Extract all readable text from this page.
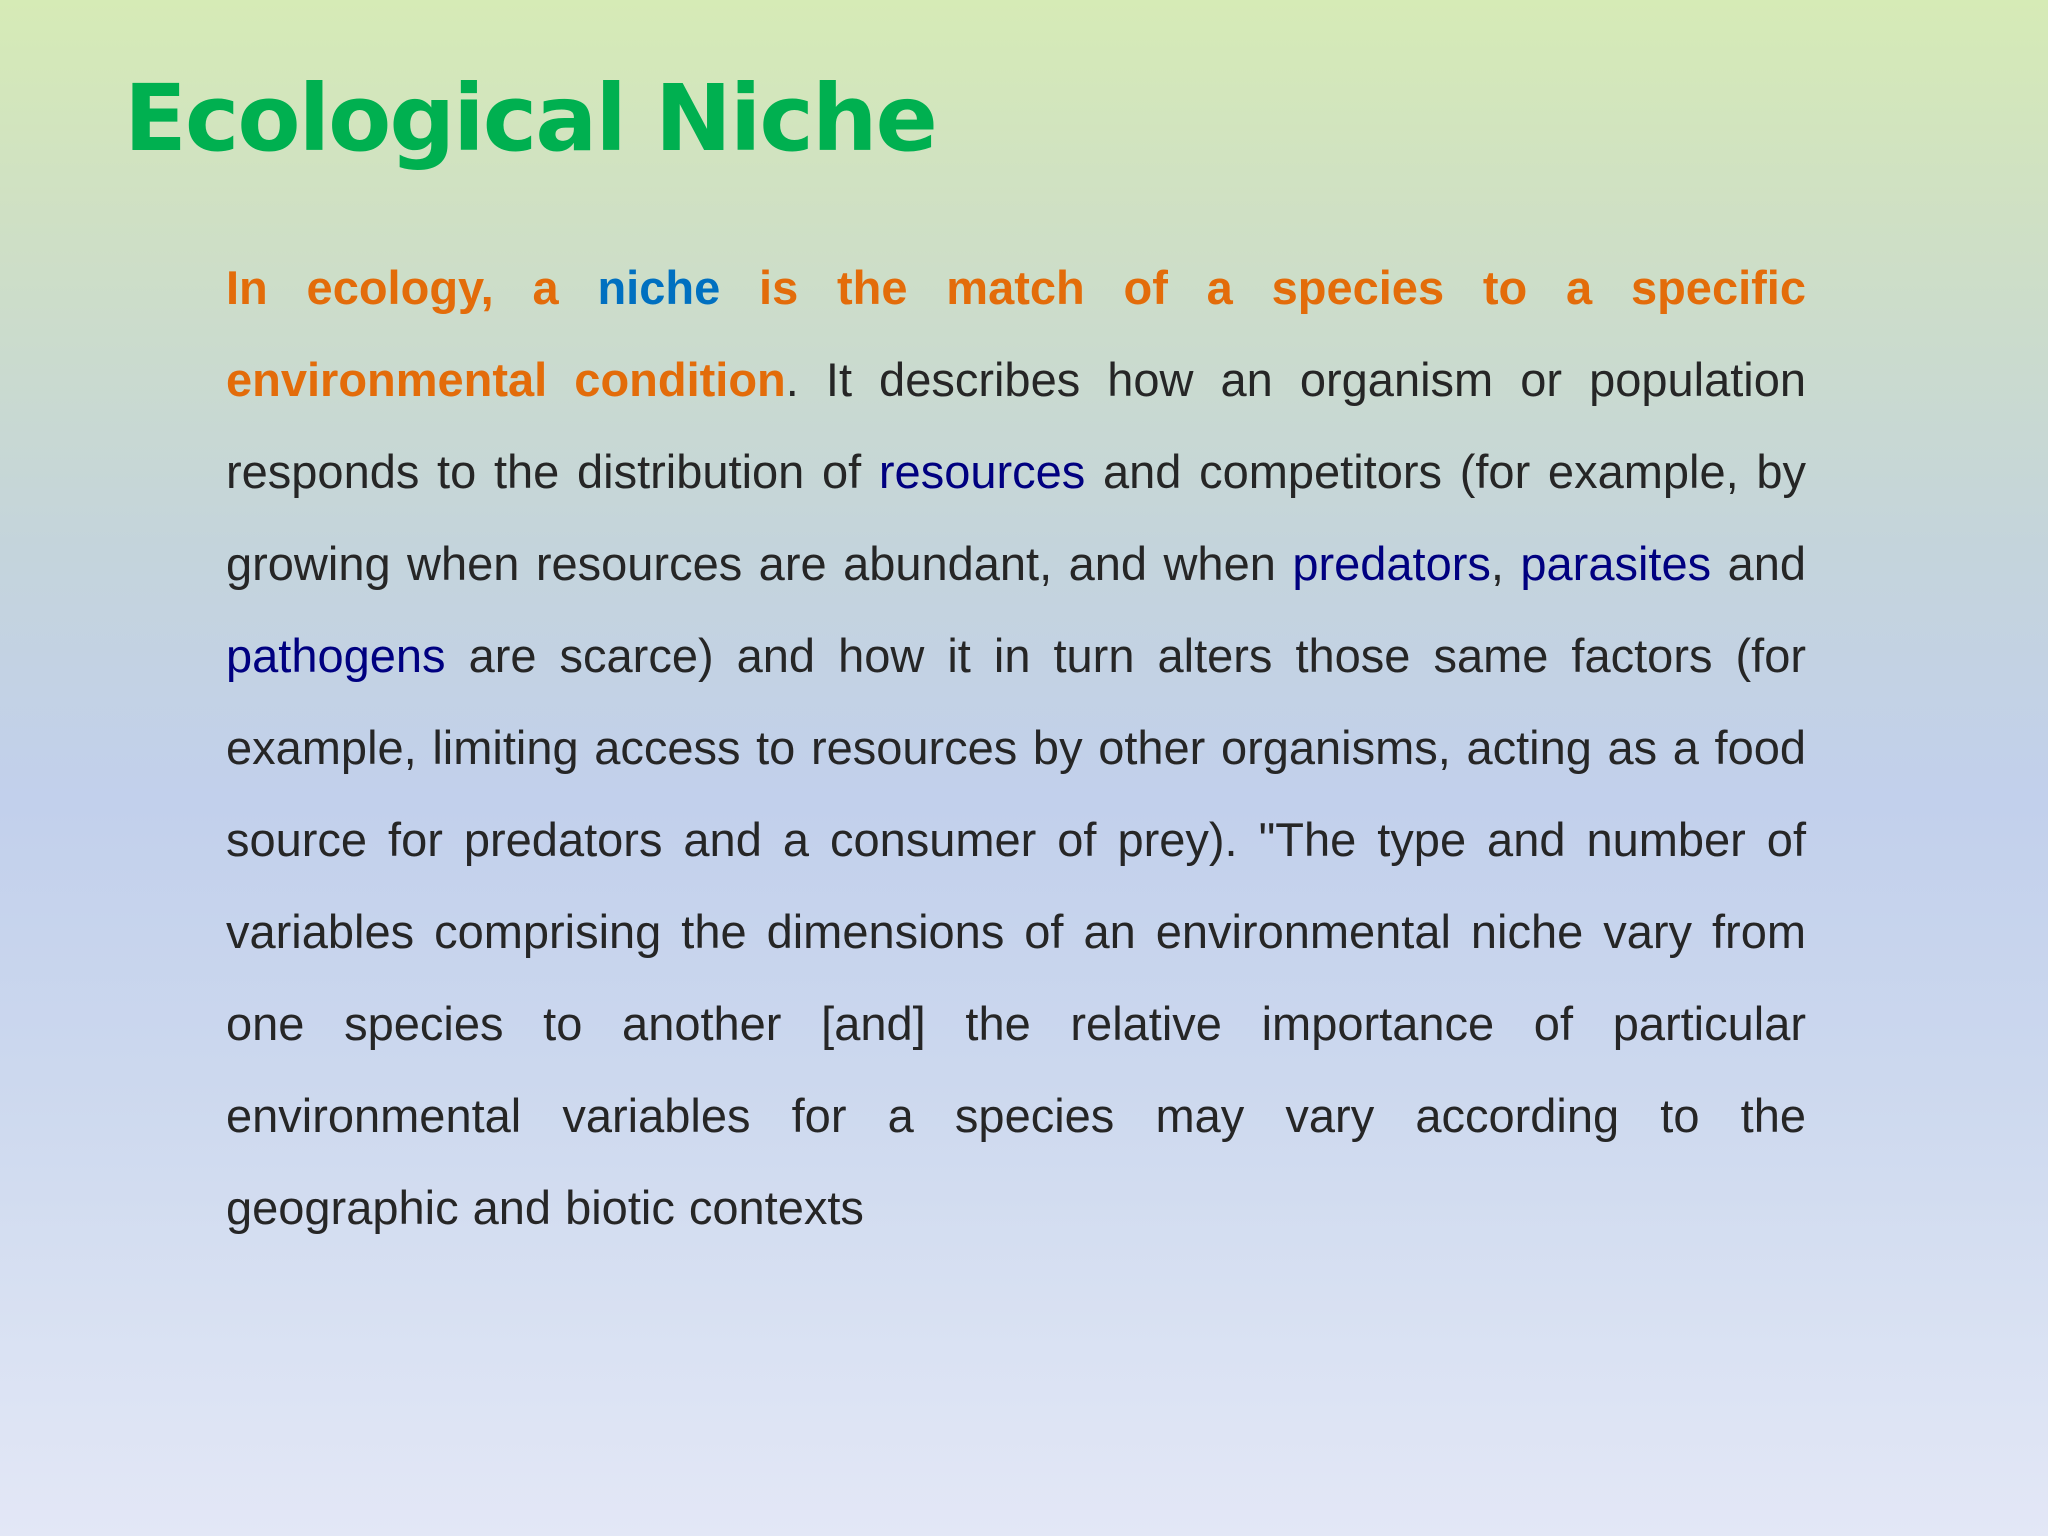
Ecological Niche

In ecology, a niche is the match of a species to a specific environmental condition. It describes how an organism or population responds to the distribution of resources and competitors (for example, by growing when resources are abundant, and when predators, parasites and pathogens are scarce) and how it in turn alters those same factors (for example, limiting access to resources by other organisms, acting as a food source for predators and a consumer of prey). "The type and number of variables comprising the dimensions of an environmental niche vary from one species to another [and] the relative importance of particular environmental variables for a species may vary according to the geographic and biotic contexts
